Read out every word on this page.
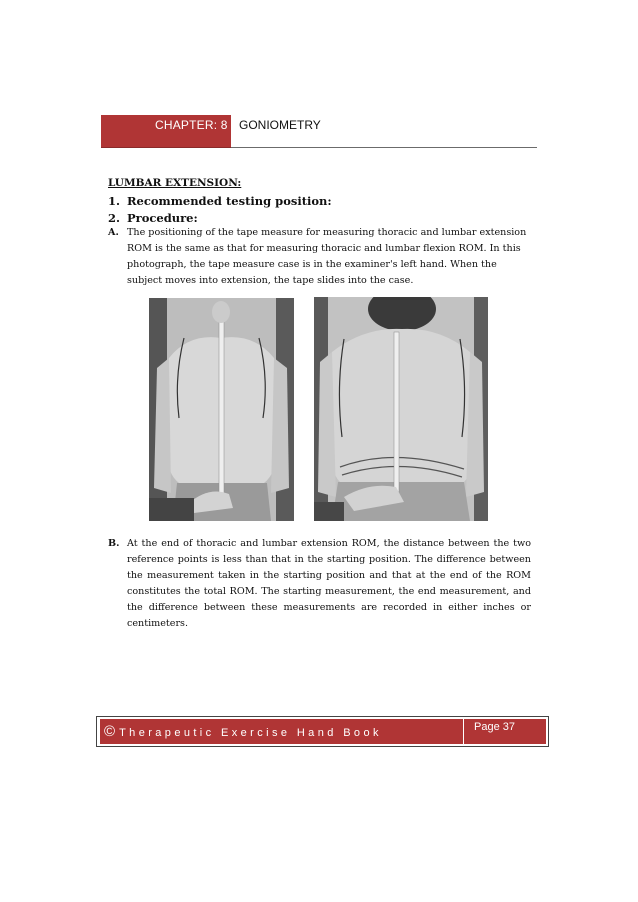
CHAPTER: 8 GONIOMETRY
LUMBAR EXTENSION:
1. Recommended testing position:
2. Procedure:
A. The positioning of the tape measure for measuring thoracic and lumbar extension ROM is the same as that for measuring thoracic and lumbar flexion ROM. In this photograph, the tape measure case is in the examiner's left hand. When the subject moves into extension, the tape slides into the case.
B. At the end of thoracic and lumbar extension ROM, the distance between the two reference points is less than that in the starting position. The difference between the measurement taken in the starting position and that at the end of the ROM constitutes the total ROM. The starting measurement, the end measurement, and the difference between these measurements are recorded in either inches or centimeters.
©Therapeutic Exercise Hand Book	Page 37
